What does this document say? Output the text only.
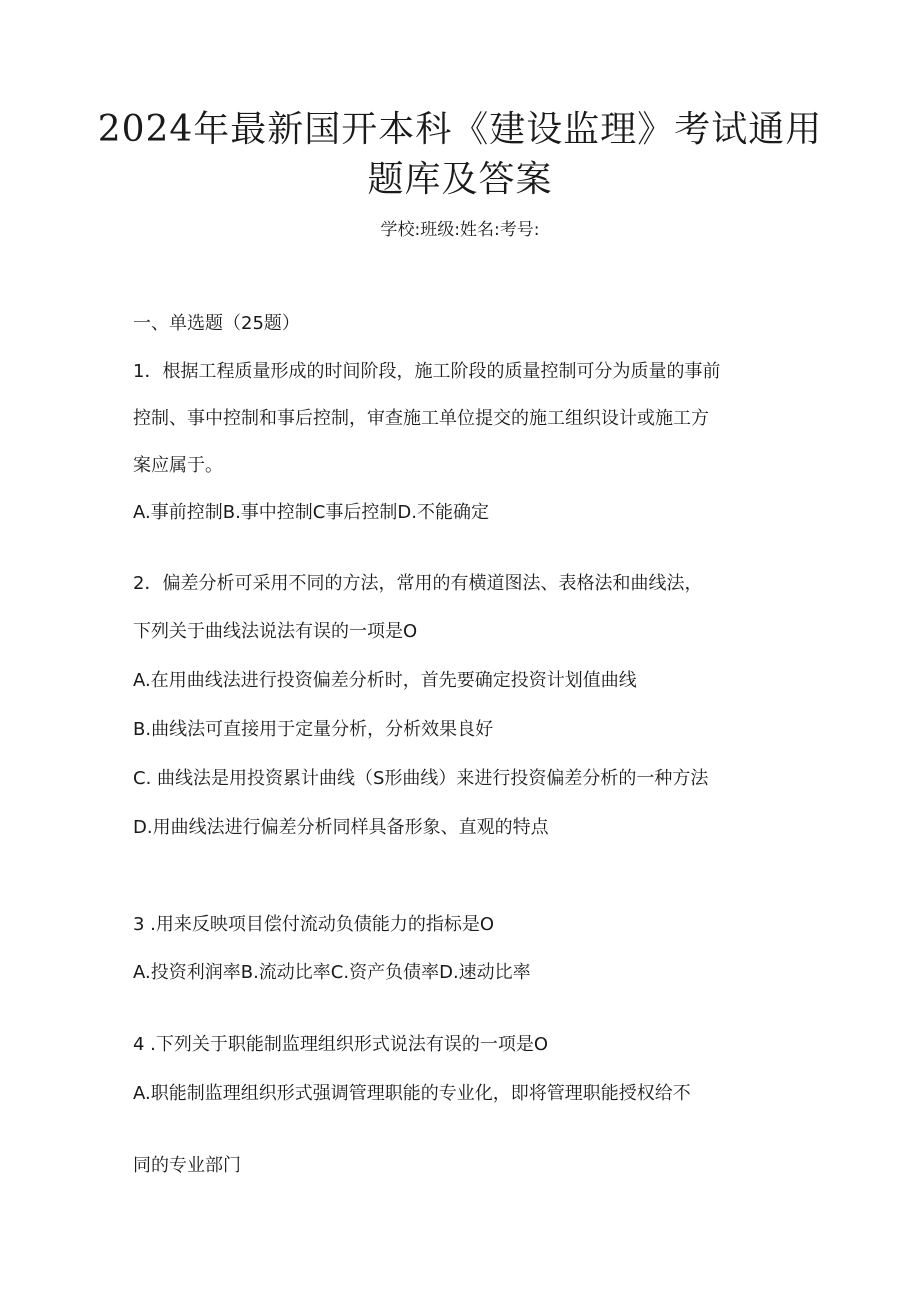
2024年最新国开本科《建设监理》考试通用
题库及答案
学校:班级:姓名:考号:
一、单选题（25题）
1．根据工程质量形成的时间阶段，施工阶段的质量控制可分为质量的事前
控制、事中控制和事后控制，审查施工单位提交的施工组织设计或施工方
案应属于。
A.事前控制B.事中控制C事后控制D.不能确定
2．偏差分析可采用不同的方法，常用的有横道图法、表格法和曲线法，
下列关于曲线法说法有误的一项是O
A.在用曲线法进行投资偏差分析时，首先要确定投资计划值曲线
B.曲线法可直接用于定量分析，分析效果良好
C. 曲线法是用投资累计曲线（S形曲线）来进行投资偏差分析的一种方法
D.用曲线法进行偏差分析同样具备形象、直观的特点
3 .用来反映项目偿付流动负债能力的指标是O
A.投资利润率B.流动比率C.资产负债率D.速动比率
4 .下列关于职能制监理组织形式说法有误的一项是O
A.职能制监理组织形式强调管理职能的专业化，即将管理职能授权给不
同的专业部门
